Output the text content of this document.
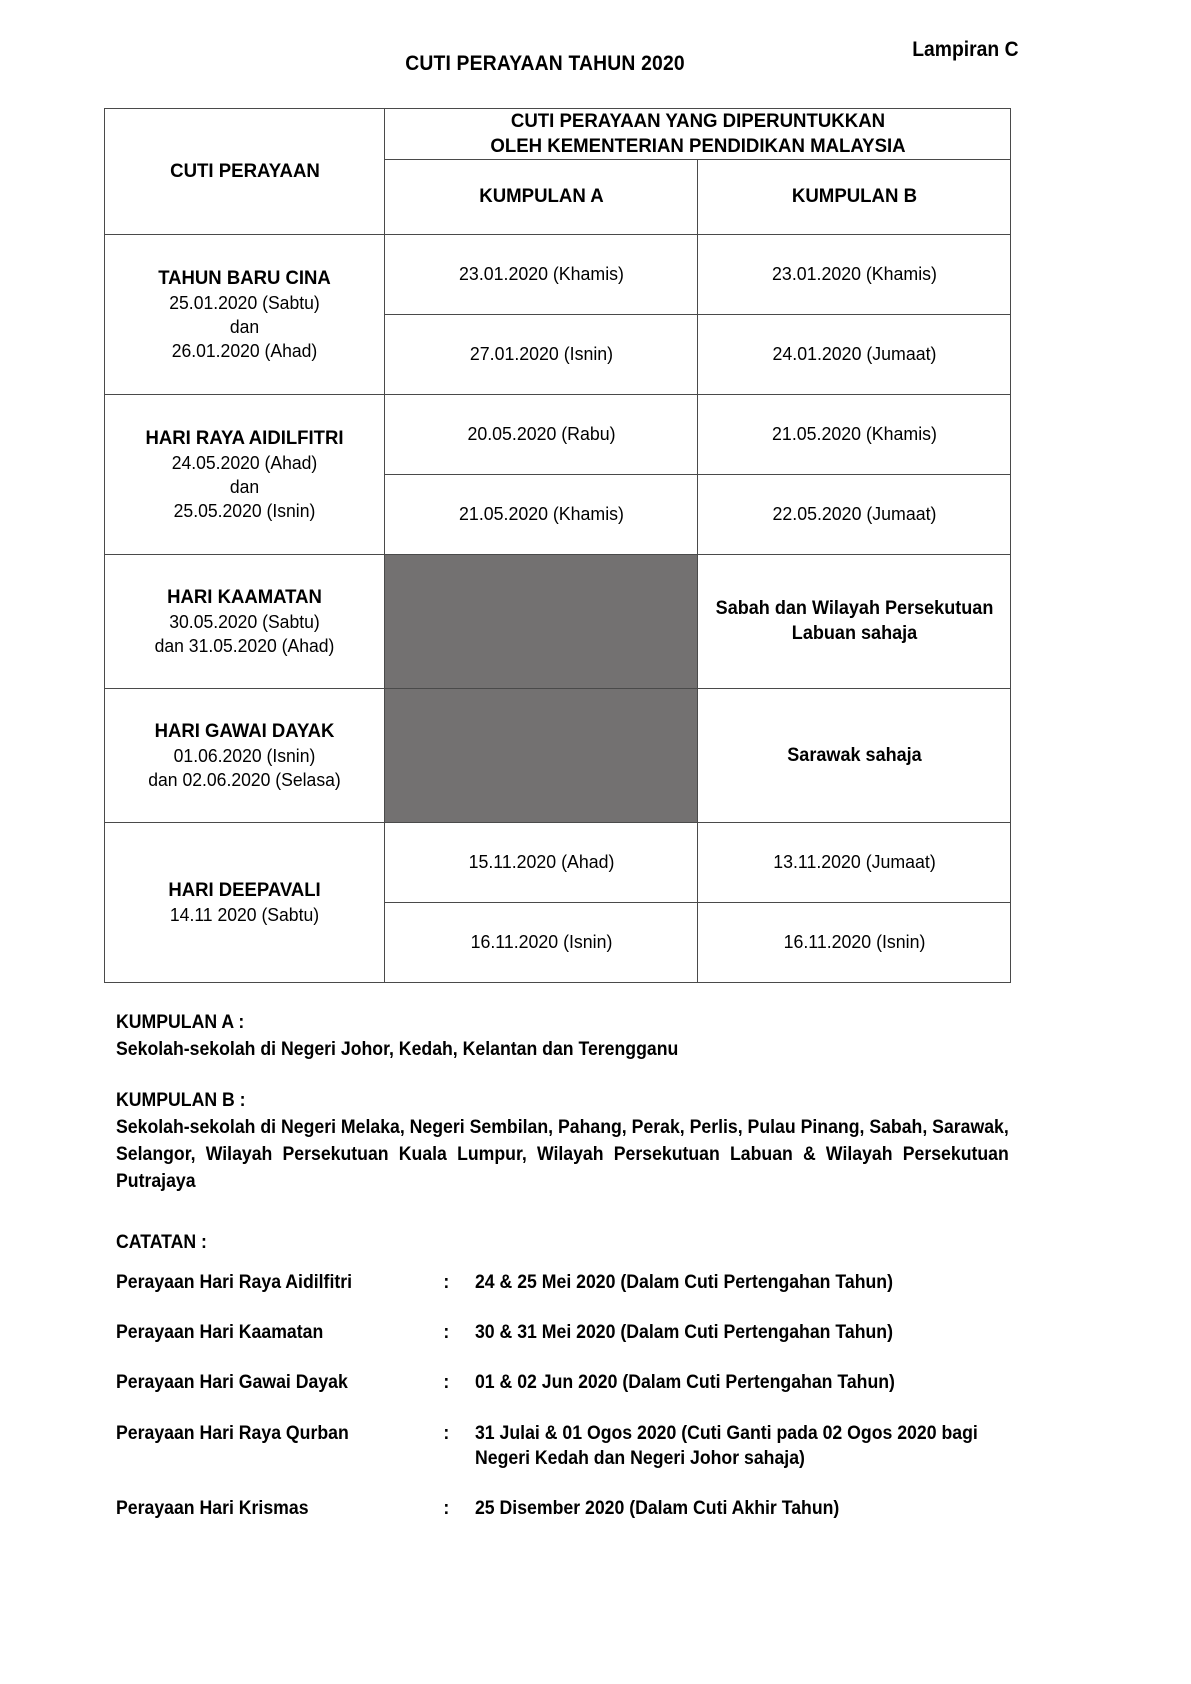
CUTI PERAYAAN TAHUN 2020
Lampiran C
CUTI PERAYAAN	CUTI PERAYAAN YANG DIPERUNTUKKAN
OLEH KEMENTERIAN PENDIDIKAN MALAYSIA	

	KUMPULAN A	KUMPULAN B

TAHUN BARU CINA
25.01.2020 (Sabtu)
dan
26.01.2020 (Ahad)	23.01.2020 (Khamis)	23.01.2020 (Khamis)
	27.01.2020 (Isnin)	24.01.2020 (Jumaat)

HARI RAYA AIDILFITRI
24.05.2020 (Ahad)
dan
25.05.2020 (Isnin)	20.05.2020 (Rabu)	21.05.2020 (Khamis)
	21.05.2020 (Khamis)	22.05.2020 (Jumaat)

HARI KAAMATAN
30.05.2020 (Sabtu)
dan 31.05.2020 (Ahad)		Sabah dan Wilayah Persekutuan Labuan sahaja

HARI GAWAI DAYAK
01.06.2020 (Isnin)
dan 02.06.2020 (Selasa)		Sarawak sahaja

HARI DEEPAVALI
14.11 2020 (Sabtu)	15.11.2020 (Ahad)	13.11.2020 (Jumaat)
	16.11.2020 (Isnin)	16.11.2020 (Isnin)

KUMPULAN A :

Sekolah-sekolah di Negeri Johor, Kedah, Kelantan dan Terengganu

KUMPULAN B :

Sekolah-sekolah di Negeri Melaka, Negeri Sembilan, Pahang, Perak, Perlis, Pulau Pinang, Sabah, Sarawak, Selangor, Wilayah Persekutuan Kuala Lumpur, Wilayah Persekutuan Labuan & Wilayah Persekutuan Putrajaya

CATATAN :

Perayaan Hari Raya Aidilfitri	:	24 & 25 Mei 2020 (Dalam Cuti Pertengahan Tahun)
Perayaan Hari Kaamatan	:	30 & 31 Mei 2020 (Dalam Cuti Pertengahan Tahun)
Perayaan Hari Gawai Dayak	:	01 & 02 Jun 2020 (Dalam Cuti Pertengahan Tahun)
Perayaan Hari Raya Qurban	:	31 Julai & 01 Ogos 2020 (Cuti Ganti pada 02 Ogos 2020 bagi Negeri Kedah dan Negeri Johor sahaja)
Perayaan Hari Krismas	:	25 Disember 2020 (Dalam Cuti Akhir Tahun)
